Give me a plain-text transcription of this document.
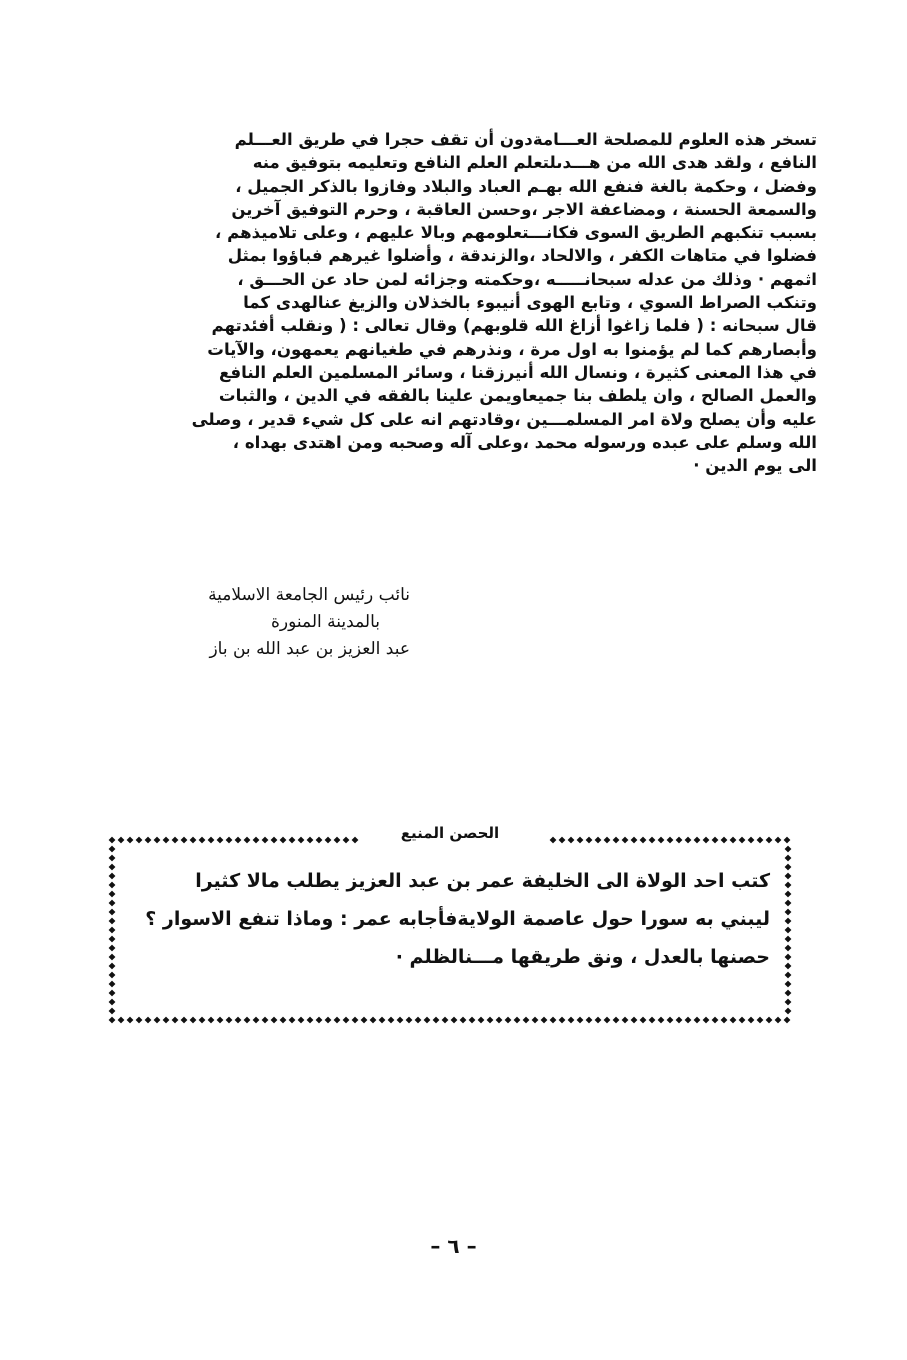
تسخر هذه العلوم للمصلحة العـــامةدون أن تقف حجرا في طريق العـــلم
النافع ، ولقد هدى الله من هـــدىلتعلم العلم النافع وتعليمه بتوفيق منه
وفضل ، وحكمة بالغة فنفع الله بهـم العباد والبلاد وفازوا بالذكر الجميل ،
والسمعة الحسنة ، ومضاعفة الاجر ،وحسن العاقبة ، وحرم التوفيق آخرين
بسبب تنكبهم الطريق السوى فكانـــتعلومهم وبالا عليهم ، وعلى تلاميذهم ،
فضلوا في متاهات الكفر ، والالحاد ،والزندقة ، وأضلوا غيرهم فباؤوا بمثل
اثمهم · وذلك من عدله سبحانـــــه ،وحكمته وجزائه لمن حاد عن الحـــق ،
وتنكب الصراط السوي ، وتابع الهوى أنيبوء بالخذلان والزيغ عنالهدى كما
قال سبحانه : ( فلما زاغوا أزاغ الله قلوبهم) وقال تعالى : ( ونقلب أفئدتهم
وأبصارهم كما لم يؤمنوا به اول مرة ، ونذرهم في طغيانهم يعمهون، والآيات
في هذا المعنى كثيرة ، ونسال الله أنيرزقنا ، وسائر المسلمين العلم النافع
والعمل الصالح ، وان يلطف بنا جميعاويمن علينا بالفقه في الدين ، والثبات
عليه وأن يصلح ولاة امر المسلمـــين ،وقادتهم انه على كل شيء قدير ، وصلى
الله وسلم على عبده ورسوله محمد ،وعلى آله وصحبه ومن اهتدى بهداه ،
الى يوم الدين ·
نائب رئيس الجامعة الاسلامية
بالمدينة المنورة
عبد العزيز بن عبد الله بن باز
الحصن المنيع
كتب احد الولاة الى الخليفة عمر بن عبد العزيز يطلب مالا كثيرا
ليبني به سورا حول عاصمة الولايةفأجابه عمر : وماذا تنفع الاسوار ؟
حصنها بالعدل ، ونق طريقها مـــنالظلم ·
– ٦ –
